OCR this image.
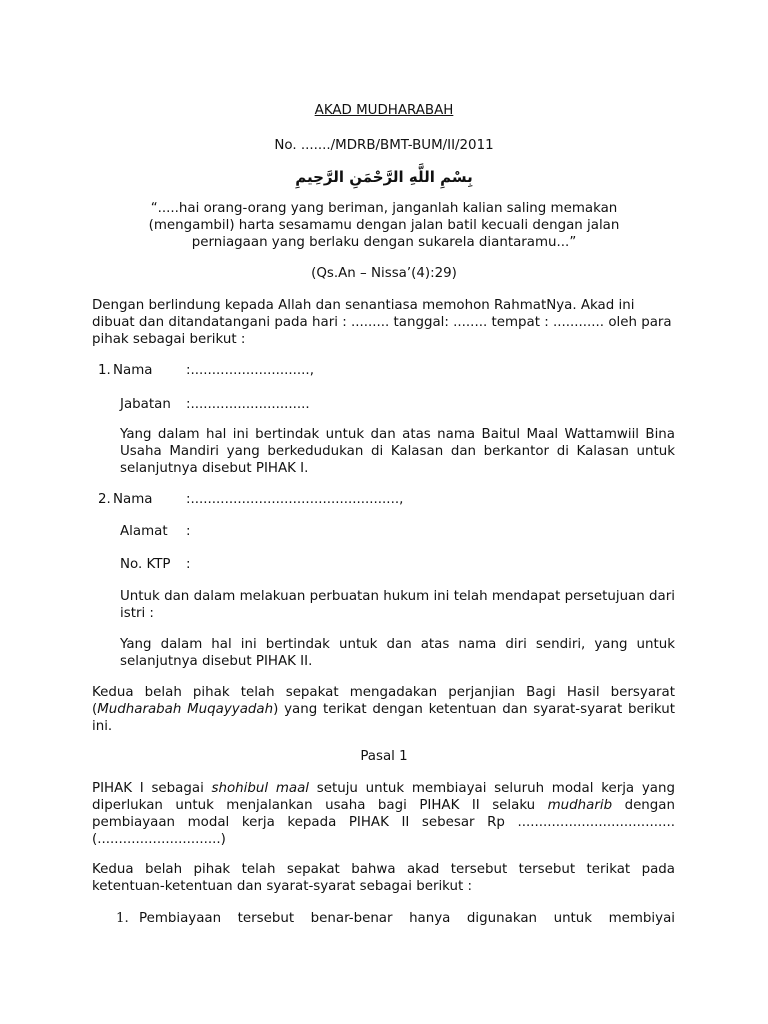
AKAD MUDHARABAH
No. ......./MDRB/BMT-BUM/II/2011
بِسْمِ اللَّهِ الرَّحْمَنِ الرَّحِيمِ
“.....hai orang-orang yang beriman, janganlah kalian saling memakan (mengambil) harta sesamamu dengan jalan batil kecuali dengan jalan perniagaan yang berlaku dengan sukarela diantaramu...”
(Qs.An – Nissa’(4):29)
Dengan berlindung kepada Allah dan senantiasa memohon RahmatNya. Akad ini dibuat dan ditandatangani pada hari : ......... tanggal: ........ tempat : ............ oleh para pihak sebagai berikut :
1. Nama	:............................,
Jabatan :............................
Yang dalam hal ini bertindak untuk dan atas nama Baitul Maal Wattamwiil Bina Usaha Mandiri yang berkedudukan di Kalasan dan berkantor di Kalasan untuk selanjutnya disebut PIHAK I.
2. Nama	:.................................................,
Alamat :
No. KTP :
Untuk dan dalam melakuan perbuatan hukum ini telah mendapat persetujuan dari istri :
Yang dalam hal ini bertindak untuk dan atas nama diri sendiri, yang untuk selanjutnya disebut PIHAK II.
Kedua belah pihak telah sepakat mengadakan perjanjian Bagi Hasil bersyarat (Mudharabah Muqayyadah) yang terikat dengan ketentuan dan syarat-syarat berikut ini.
Pasal 1
PIHAK I sebagai shohibul maal setuju untuk membiayai seluruh modal kerja yang diperlukan untuk menjalankan usaha bagi PIHAK II selaku mudharib dengan pembiayaan modal kerja kepada PIHAK II sebesar Rp ..................................... (.............................)
Kedua belah pihak telah sepakat bahwa akad tersebut tersebut terikat pada ketentuan-ketentuan dan syarat-syarat sebagai berikut :
1. Pembiayaan tersebut benar-benar hanya digunakan untuk membiyai
